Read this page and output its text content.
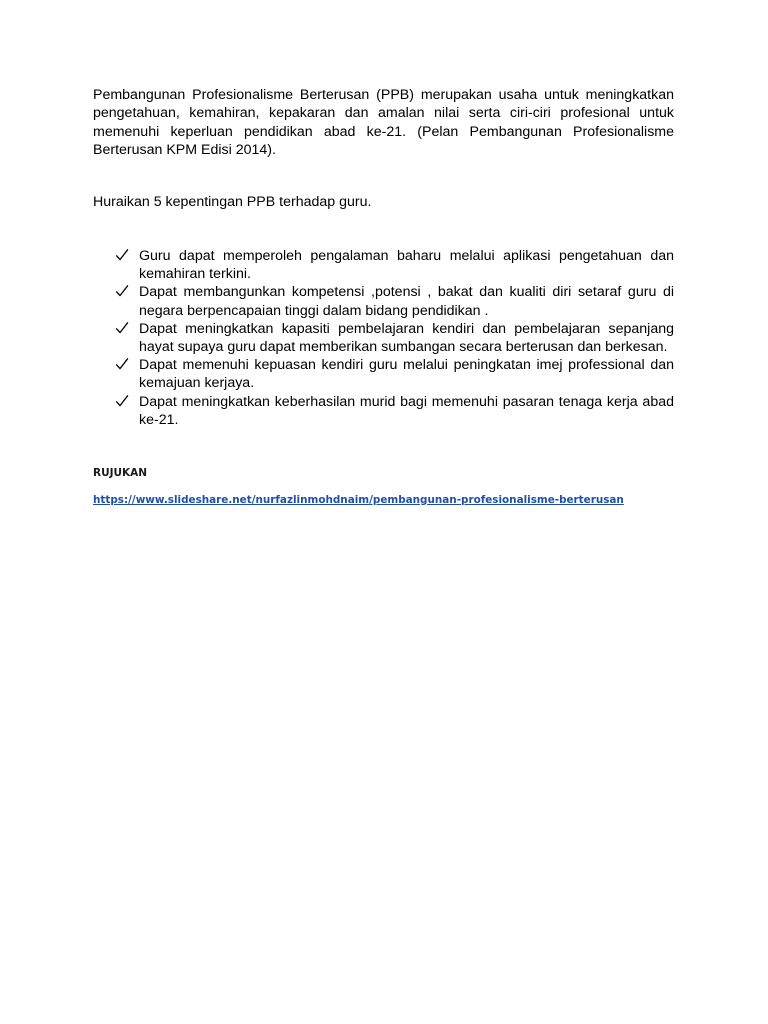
Pembangunan Profesionalisme Berterusan (PPB) merupakan usaha untuk meningkatkan pengetahuan, kemahiran, kepakaran dan amalan nilai serta ciri-ciri profesional untuk memenuhi keperluan pendidikan abad ke-21. (Pelan Pembangunan Profesionalisme Berterusan KPM Edisi 2014).

Huraikan 5 kepentingan PPB terhadap guru.

Guru dapat memperoleh pengalaman baharu melalui aplikasi pengetahuan dan kemahiran terkini.
Dapat membangunkan kompetensi ,potensi , bakat dan kualiti diri setaraf guru di negara berpencapaian tinggi dalam bidang pendidikan .
Dapat meningkatkan kapasiti pembelajaran kendiri dan pembelajaran sepanjang hayat supaya guru dapat memberikan sumbangan secara berterusan dan berkesan.
Dapat memenuhi kepuasan kendiri guru melalui peningkatan imej professional dan kemajuan kerjaya.
Dapat meningkatkan keberhasilan murid bagi memenuhi pasaran tenaga kerja abad ke-21.

RUJUKAN

https://www.slideshare.net/nurfazlinmohdnaim/pembangunan-profesionalisme-berterusan
